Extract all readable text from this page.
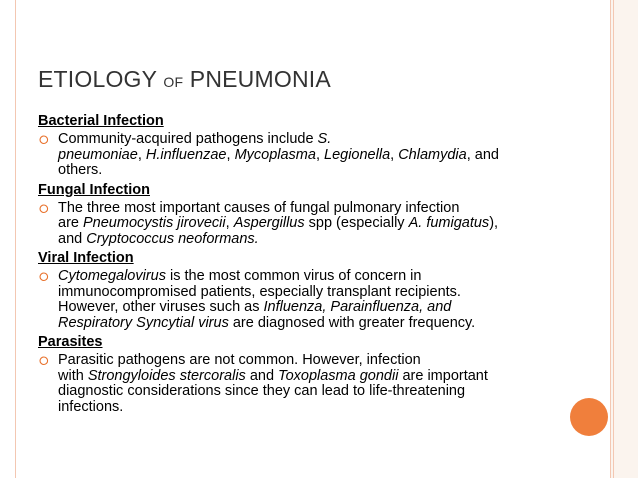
ETIOLOGY OF PNEUMONIA
Bacterial Infection
⭘ Community-acquired pathogens include S.
pneumoniae, H.influenzae, Mycoplasma, Legionella, Chlamydia, and
others.
Fungal Infection
⭘ The three most important causes of fungal pulmonary infection
are Pneumocystis jirovecii, Aspergillus spp (especially A. fumigatus),
and Cryptococcus neoformans.
Viral Infection
⭘ Cytomegalovirus is the most common virus of concern in
immunocompromised patients, especially transplant recipients.
However, other viruses such as Influenza, Parainfluenza, and
Respiratory Syncytial virus are diagnosed with greater frequency.
Parasites
⭘ Parasitic pathogens are not common. However, infection
with Strongyloides stercoralis and Toxoplasma gondii are important
diagnostic considerations since they can lead to life-threatening
infections.
